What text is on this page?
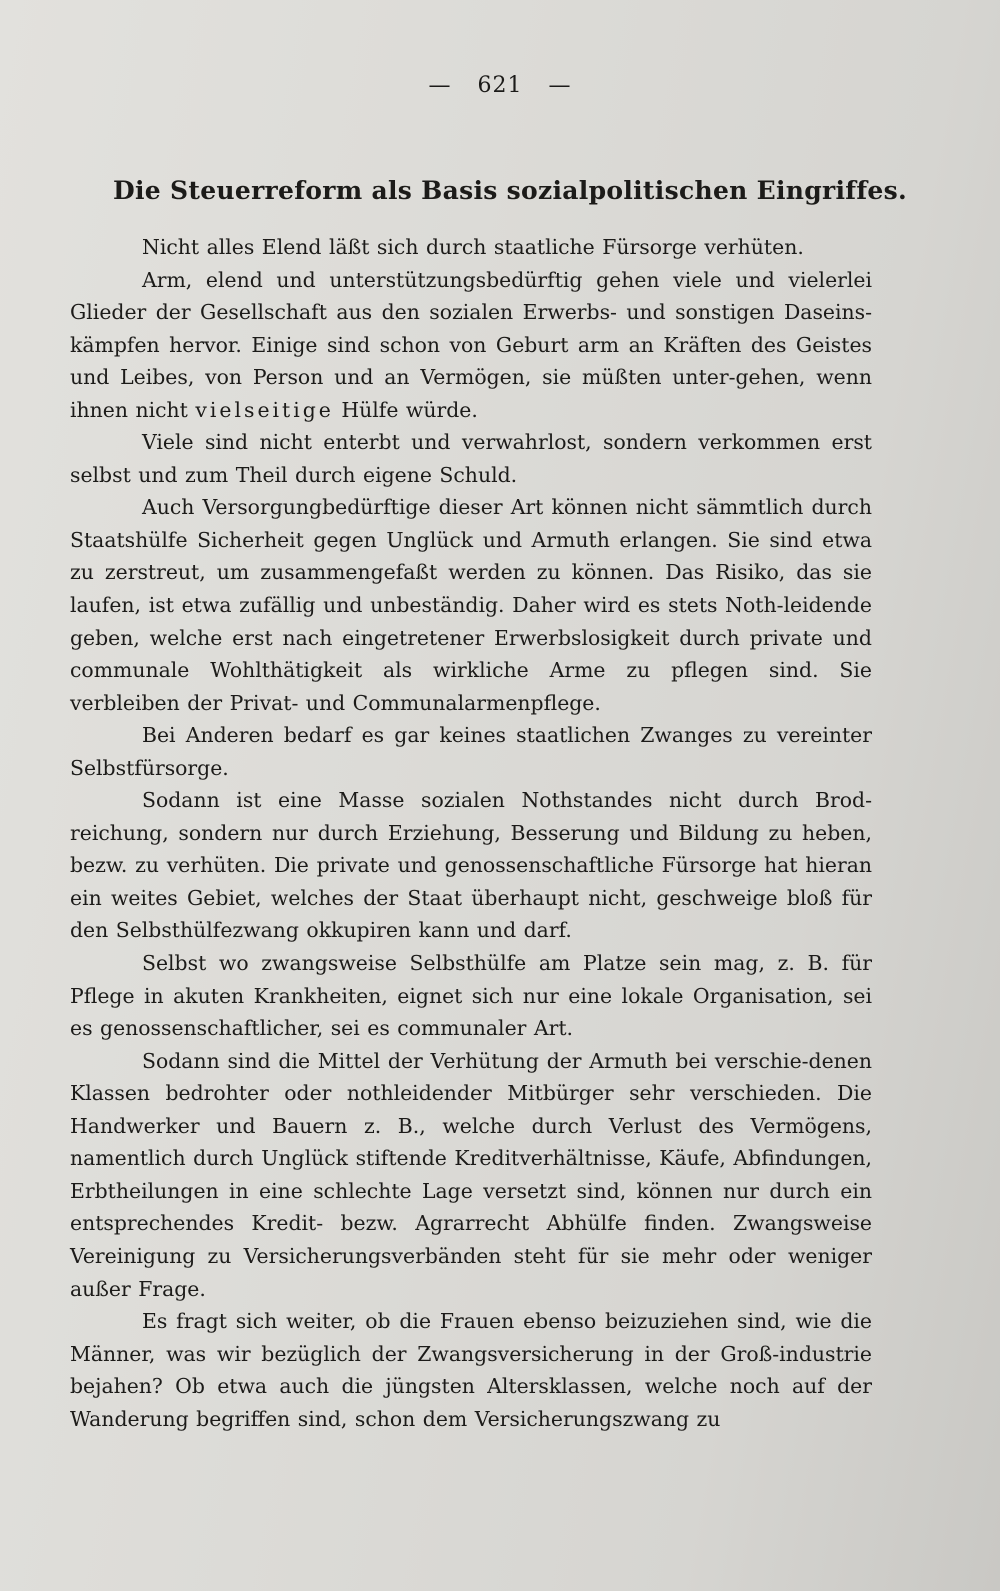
— 621 —
Die Steuerreform als Basis sozialpolitischen Eingriffes.

Nicht alles Elend läßt sich durch staatliche Fürsorge verhüten.

Arm, elend und unterstützungsbedürftig gehen viele und vielerlei Glieder der Gesellschaft aus den sozialen Erwerbs- und sonstigen Daseins-kämpfen hervor. Einige sind schon von Geburt arm an Kräften des Geistes und Leibes, von Person und an Vermögen, sie müßten unter-gehen, wenn ihnen nicht vielseitige Hülfe würde.

Viele sind nicht enterbt und verwahrlost, sondern verkommen erst selbst und zum Theil durch eigene Schuld.

Auch Versorgungbedürftige dieser Art können nicht sämmtlich durch Staatshülfe Sicherheit gegen Unglück und Armuth erlangen. Sie sind etwa zu zerstreut, um zusammengefaßt werden zu können. Das Risiko, das sie laufen, ist etwa zufällig und unbeständig. Daher wird es stets Noth-leidende geben, welche erst nach eingetretener Erwerbslosigkeit durch private und communale Wohlthätigkeit als wirkliche Arme zu pflegen sind. Sie verbleiben der Privat- und Communalarmenpflege.

Bei Anderen bedarf es gar keines staatlichen Zwanges zu vereinter Selbstfürsorge.

Sodann ist eine Masse sozialen Nothstandes nicht durch Brod-reichung, sondern nur durch Erziehung, Besserung und Bildung zu heben, bezw. zu verhüten. Die private und genossenschaftliche Fürsorge hat hieran ein weites Gebiet, welches der Staat überhaupt nicht, geschweige bloß für den Selbsthülfezwang okkupiren kann und darf.

Selbst wo zwangsweise Selbsthülfe am Platze sein mag, z. B. für Pflege in akuten Krankheiten, eignet sich nur eine lokale Organisation, sei es genossenschaftlicher, sei es communaler Art.

Sodann sind die Mittel der Verhütung der Armuth bei verschie-denen Klassen bedrohter oder nothleidender Mitbürger sehr verschieden. Die Handwerker und Bauern z. B., welche durch Verlust des Vermögens, namentlich durch Unglück stiftende Kreditverhältnisse, Käufe, Abfindungen, Erbtheilungen in eine schlechte Lage versetzt sind, können nur durch ein entsprechendes Kredit- bezw. Agrarrecht Abhülfe finden. Zwangsweise Vereinigung zu Versicherungsverbänden steht für sie mehr oder weniger außer Frage.

Es fragt sich weiter, ob die Frauen ebenso beizuziehen sind, wie die Männer, was wir bezüglich der Zwangsversicherung in der Groß-industrie bejahen? Ob etwa auch die jüngsten Altersklassen, welche noch auf der Wanderung begriffen sind, schon dem Versicherungszwang zu
